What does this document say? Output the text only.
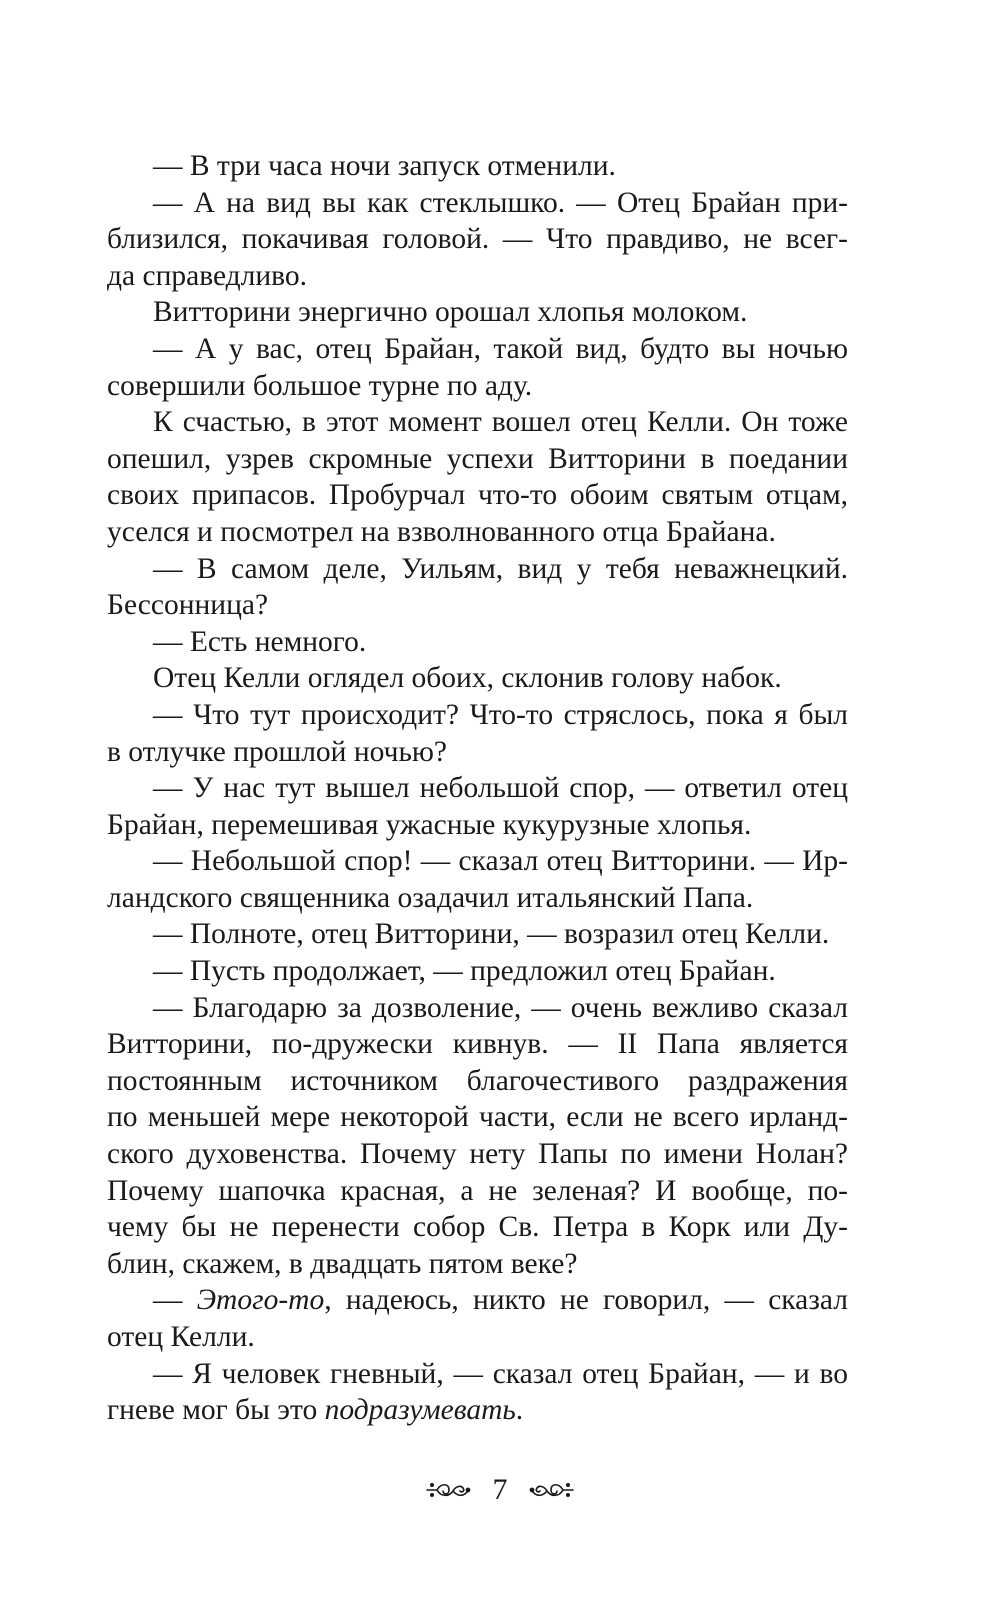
— В три часа ночи запуск отменили.
— А на вид вы как стеклышко. — Отец Брайан при-
близился, покачивая головой. — Что правдиво, не всег-
да справедливо.
Витторини энергично орошал хлопья молоком.
— А у вас, отец Брайан, такой вид, будто вы ночью
совершили большое турне по аду.
К счастью, в этот момент вошел отец Келли. Он тоже
опешил, узрев скромные успехи Витторини в поедании
своих припасов. Пробурчал что-то обоим святым отцам,
уселся и посмотрел на взволнованного отца Брайана.
— В самом деле, Уильям, вид у тебя неважнецкий.
Бессонница?
— Есть немного.
Отец Келли оглядел обоих, склонив голову набок.
— Что тут происходит? Что-то стряслось, пока я был
в отлучке прошлой ночью?
— У нас тут вышел небольшой спор, — ответил отец
Брайан, перемешивая ужасные кукурузные хлопья.
— Небольшой спор! — сказал отец Витторини. — Ир-
ландского священника озадачил итальянский Папа.
— Полноте, отец Витторини, — возразил отец Келли.
— Пусть продолжает, — предложил отец Брайан.
— Благодарю за дозволение, — очень вежливо сказал
Витторини, по-дружески кивнув. — II Папа является
постоянным источником благочестивого раздражения
по меньшей мере некоторой части, если не всего ирланд-
ского духовенства. Почему нету Папы по имени Нолан?
Почему шапочка красная, а не зеленая? И вообще, по-
чему бы не перенести собор Св. Петра в Корк или Ду-
блин, скажем, в двадцать пятом веке?
— Этого-то, надеюсь, никто не говорил, — сказал
отец Келли.
— Я человек гневный, — сказал отец Брайан, — и во
гневе мог бы это подразумевать.
7
